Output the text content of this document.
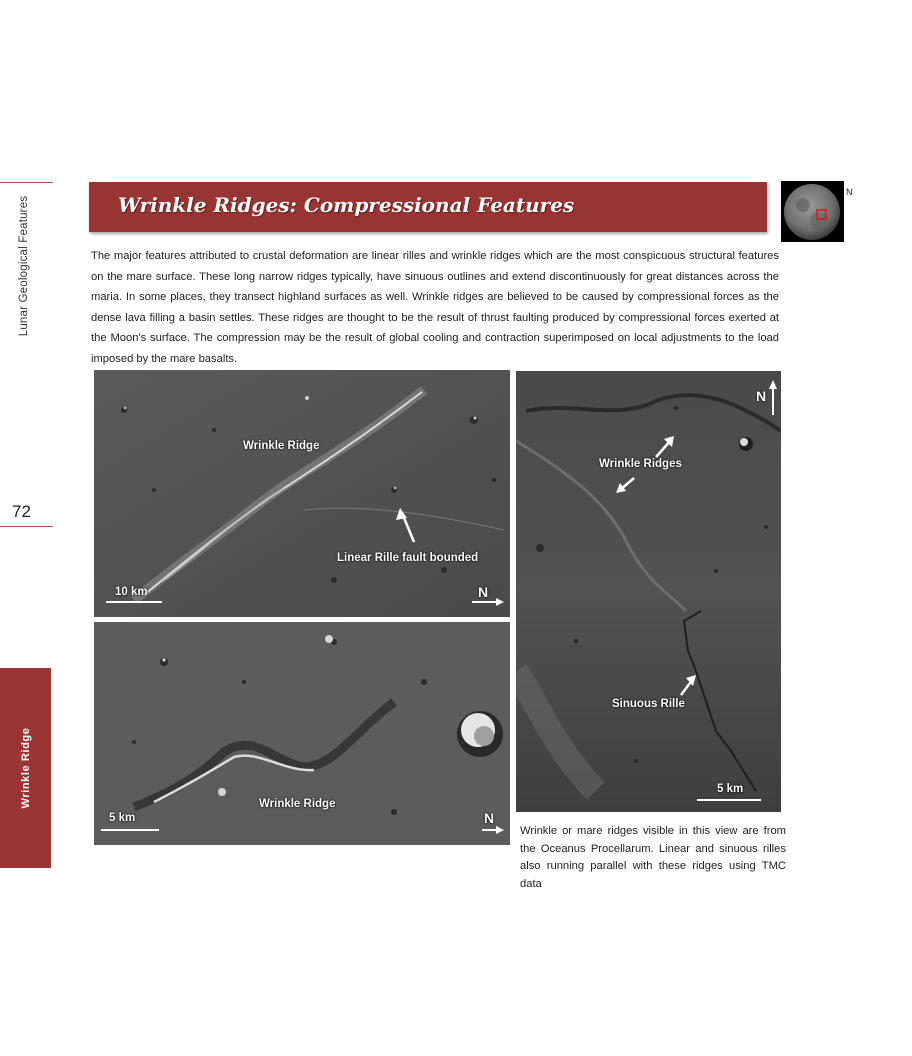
Lunar Geological Features
72
Wrinkle Ridge
Wrinkle Ridges: Compressional Features
N

The major features attributed to crustal deformation are linear rilles and wrinkle ridges which are the most conspicuous structural features on the mare surface. These long narrow ridges typically, have sinuous outlines and extend discontinuously for great distances across the maria. In some places, they transect highland surfaces as well. Wrinkle ridges are believed to be caused by compressional forces as the dense lava filling a basin settles. These ridges are thought to be the result of thrust faulting produced by compressional forces exerted at the Moon's surface. The compression may be the result of global cooling and contraction superimposed on local adjustments to the load imposed by the mare basalts.

Wrinkle Ridge
Linear Rille fault bounded
10 km	N
Wrinkle Ridge
5 km	N
Wrinkle Ridges
Sinuous Rille
5 km
N

Wrinkle or mare ridges visible in this view are from the Oceanus Procellarum. Linear and sinuous rilles also running parallel with these ridges using TMC data
